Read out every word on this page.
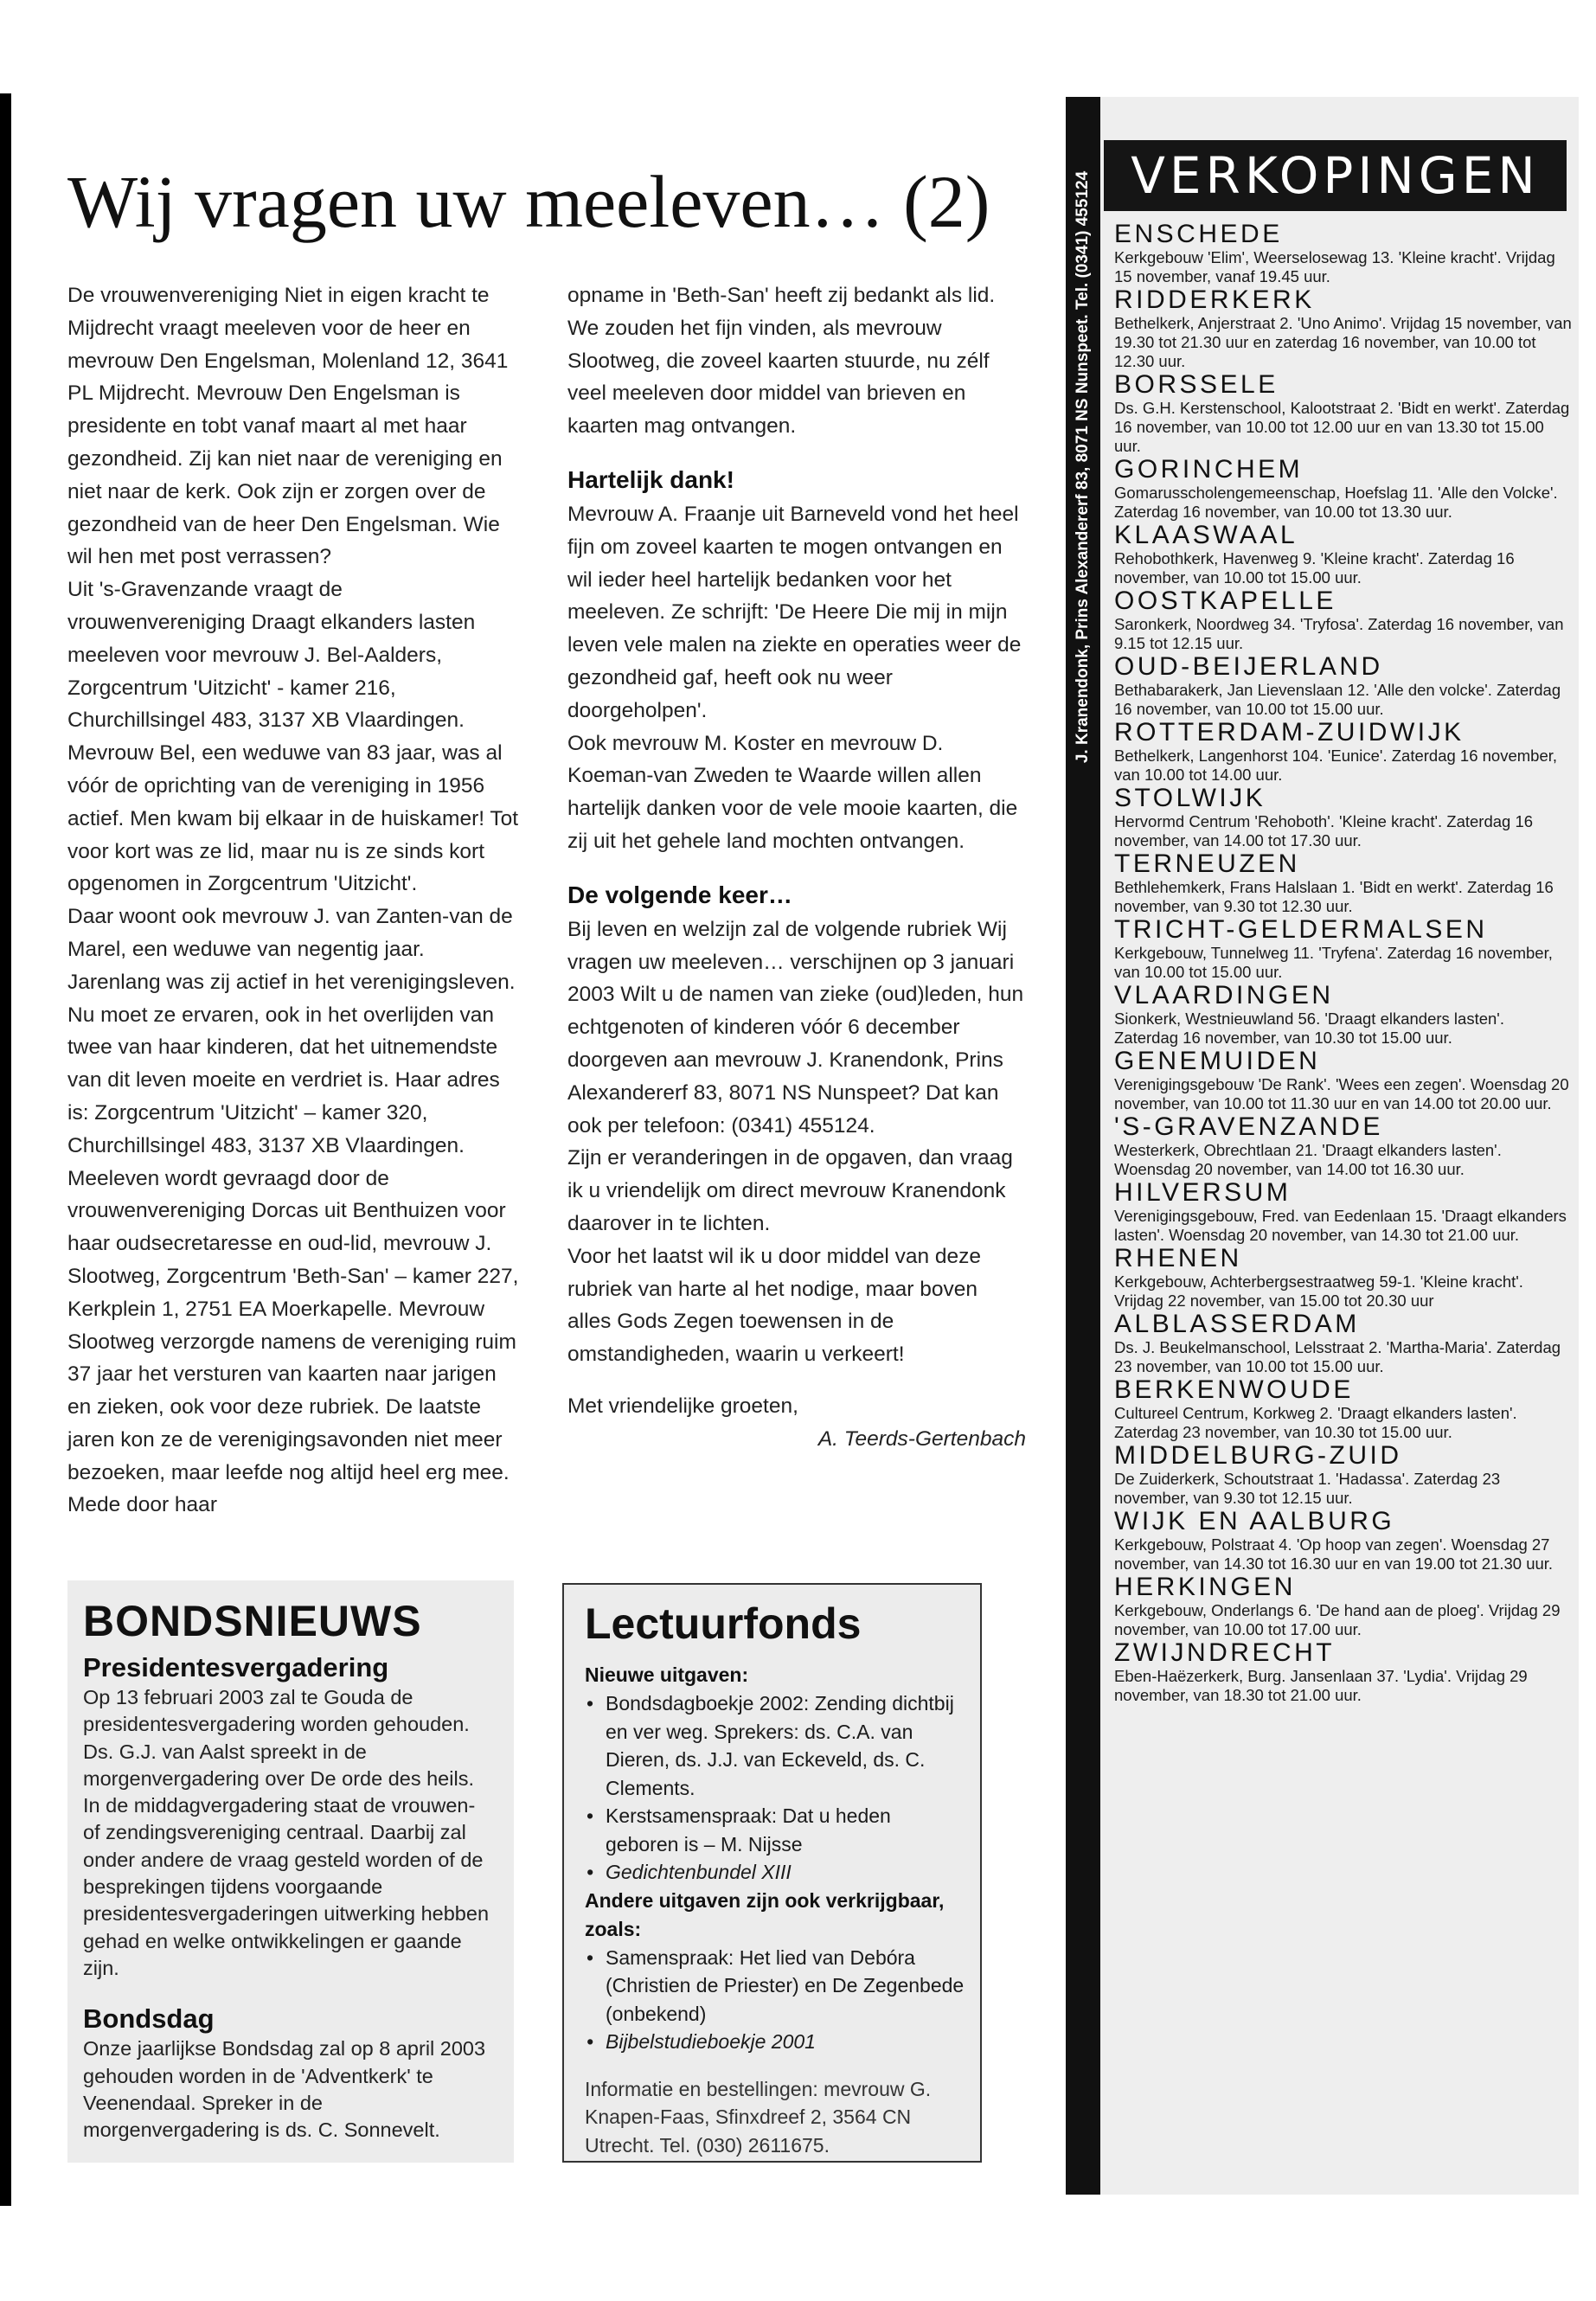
Wij vragen uw meeleven… (2)

De vrouwenvereniging Niet in eigen kracht te Mijdrecht vraagt meeleven voor de heer en mevrouw Den Engelsman, Molenland 12, 3641 PL Mijdrecht. Mevrouw Den Engelsman is presidente en tobt vanaf maart al met haar gezondheid. Zij kan niet naar de vereniging en niet naar de kerk. Ook zijn er zorgen over de gezondheid van de heer Den Engelsman. Wie wil hen met post verrassen?

Uit 's-Gravenzande vraagt de vrouwenvereniging Draagt elkanders lasten meeleven voor mevrouw J. Bel-Aalders, Zorgcentrum 'Uitzicht' - kamer 216, Churchillsingel 483, 3137 XB Vlaardingen. Mevrouw Bel, een weduwe van 83 jaar, was al vóór de oprichting van de vereniging in 1956 actief. Men kwam bij elkaar in de huiskamer! Tot voor kort was ze lid, maar nu is ze sinds kort opgenomen in Zorgcentrum 'Uitzicht'.

Daar woont ook mevrouw J. van Zanten-van de Marel, een weduwe van negentig jaar. Jarenlang was zij actief in het verenigingsleven. Nu moet ze ervaren, ook in het overlijden van twee van haar kinderen, dat het uitnemendste van dit leven moeite en verdriet is. Haar adres is: Zorgcentrum 'Uitzicht' – kamer 320, Churchillsingel 483, 3137 XB Vlaardingen.

Meeleven wordt gevraagd door de vrouwenvereniging Dorcas uit Benthuizen voor haar oudsecretaresse en oud-lid, mevrouw J. Slootweg, Zorgcentrum 'Beth-San' – kamer 227, Kerkplein 1, 2751 EA Moerkapelle. Mevrouw Slootweg verzorgde namens de vereniging ruim 37 jaar het versturen van kaarten naar jarigen en zieken, ook voor deze rubriek. De laatste jaren kon ze de verenigingsavonden niet meer bezoeken, maar leefde nog altijd heel erg mee. Mede door haar

opname in 'Beth-San' heeft zij bedankt als lid. We zouden het fijn vinden, als mevrouw Slootweg, die zoveel kaarten stuurde, nu zélf veel meeleven door middel van brieven en kaarten mag ontvangen.

Hartelijk dank!

Mevrouw A. Fraanje uit Barneveld vond het heel fijn om zoveel kaarten te mogen ontvangen en wil ieder heel hartelijk bedanken voor het meeleven. Ze schrijft: 'De Heere Die mij in mijn leven vele malen na ziekte en operaties weer de gezondheid gaf, heeft ook nu weer doorgeholpen'.

Ook mevrouw M. Koster en mevrouw D. Koeman-van Zweden te Waarde willen allen hartelijk danken voor de vele mooie kaarten, die zij uit het gehele land mochten ontvangen.

De volgende keer…

Bij leven en welzijn zal de volgende rubriek Wij vragen uw meeleven… verschijnen op 3 januari 2003 Wilt u de namen van zieke (oud)leden, hun echtgenoten of kinderen vóór 6 december doorgeven aan mevrouw J. Kranendonk, Prins Alexandererf 83, 8071 NS Nunspeet? Dat kan ook per telefoon: (0341) 455124.

Zijn er veranderingen in de opgaven, dan vraag ik u vriendelijk om direct mevrouw Kranendonk daarover in te lichten.

Voor het laatst wil ik u door middel van deze rubriek van harte al het nodige, maar boven alles Gods Zegen toewensen in de omstandigheden, waarin u verkeert!

Met vriendelijke groeten,

A. Teerds-Gertenbach

BONDSNIEUWS
Presidentesvergadering

Op 13 februari 2003 zal te Gouda de presidentesvergadering worden gehouden. Ds. G.J. van Aalst spreekt in de morgenvergadering over De orde des heils. In de middagvergadering staat de vrouwen- of zendingsvereniging centraal. Daarbij zal onder andere de vraag gesteld worden of de besprekingen tijdens voorgaande presidentesvergaderingen uitwerking hebben gehad en welke ontwikkelingen er gaande zijn.

Bondsdag

Onze jaarlijkse Bondsdag zal op 8 april 2003 gehouden worden in de 'Adventkerk' te Veenendaal. Spreker in de morgenvergadering is ds. C. Sonnevelt.

Lectuurfonds
Nieuwe uitgaven:
• Bondsdagboekje 2002: Zending dichtbij en ver weg. Sprekers: ds. C.A. van Dieren, ds. J.J. van Eckeveld, ds. C. Clements.
• Kerstsamenspraak: Dat u heden geboren is – M. Nijsse
• Gedichtenbundel XIII
Andere uitgaven zijn ook verkrijgbaar, zoals:
• Samenspraak: Het lied van Debóra (Christien de Priester) en De Zegenbede (onbekend)
• Bijbelstudieboekje 2001
Informatie en bestellingen: mevrouw G. Knapen-Faas, Sfinxdreef 2, 3564 CN Utrecht. Tel. (030) 2611675.
J. Kranendonk, Prins Alexandererf 83, 8071 NS Nunspeet. Tel. (0341) 455124 VERKOPINGEN
ENSCHEDE
Kerkgebouw 'Elim', Weerselosewag 13. 'Kleine kracht'. Vrijdag 15 november, vanaf 19.45 uur.
RIDDERKERK
Bethelkerk, Anjerstraat 2. 'Uno Animo'. Vrijdag 15 november, van 19.30 tot 21.30 uur en zaterdag 16 november, van 10.00 tot 12.30 uur.
BORSSELE
Ds. G.H. Kerstenschool, Kalootstraat 2. 'Bidt en werkt'. Zaterdag 16 november, van 10.00 tot 12.00 uur en van 13.30 tot 15.00 uur.
GORINCHEM
Gomarusscholengemeenschap, Hoefslag 11. 'Alle den Volcke'. Zaterdag 16 november, van 10.00 tot 13.30 uur.
KLAASWAAL
Rehobothkerk, Havenweg 9. 'Kleine kracht'. Zaterdag 16 november, van 10.00 tot 15.00 uur.
OOSTKAPELLE
Saronkerk, Noordweg 34. 'Tryfosa'. Zaterdag 16 november, van 9.15 tot 12.15 uur.
OUD-BEIJERLAND
Bethabarakerk, Jan Lievenslaan 12. 'Alle den volcke'. Zaterdag 16 november, van 10.00 tot 15.00 uur.
ROTTERDAM-ZUIDWIJK
Bethelkerk, Langenhorst 104. 'Eunice'. Zaterdag 16 november, van 10.00 tot 14.00 uur.
STOLWIJK
Hervormd Centrum 'Rehoboth'. 'Kleine kracht'. Zaterdag 16 november, van 14.00 tot 17.30 uur.
TERNEUZEN
Bethlehemkerk, Frans Halslaan 1. 'Bidt en werkt'. Zaterdag 16 november, van 9.30 tot 12.30 uur.
TRICHT-GELDERMALSEN
Kerkgebouw, Tunnelweg 11. 'Tryfena'. Zaterdag 16 november, van 10.00 tot 15.00 uur.
VLAARDINGEN
Sionkerk, Westnieuwland 56. 'Draagt elkanders lasten'. Zaterdag 16 november, van 10.30 tot 15.00 uur.
GENEMUIDEN
Verenigingsgebouw 'De Rank'. 'Wees een zegen'. Woensdag 20 november, van 10.00 tot 11.30 uur en van 14.00 tot 20.00 uur.
'S-GRAVENZANDE
Westerkerk, Obrechtlaan 21. 'Draagt elkanders lasten'. Woensdag 20 november, van 14.00 tot 16.30 uur.
HILVERSUM
Verenigingsgebouw, Fred. van Eedenlaan 15. 'Draagt elkanders lasten'. Woensdag 20 november, van 14.30 tot 21.00 uur.
RHENEN
Kerkgebouw, Achterbergsestraatweg 59-1. 'Kleine kracht'. Vrijdag 22 november, van 15.00 tot 20.30 uur
ALBLASSERDAM
Ds. J. Beukelmanschool, Lelsstraat 2. 'Martha-Maria'. Zaterdag 23 november, van 10.00 tot 15.00 uur.
BERKENWOUDE
Cultureel Centrum, Korkweg 2. 'Draagt elkanders lasten'. Zaterdag 23 november, van 10.30 tot 15.00 uur.
MIDDELBURG-ZUID
De Zuiderkerk, Schoutstraat 1. 'Hadassa'. Zaterdag 23 november, van 9.30 tot 12.15 uur.
WIJK EN AALBURG
Kerkgebouw, Polstraat 4. 'Op hoop van zegen'. Woensdag 27 november, van 14.30 tot 16.30 uur en van 19.00 tot 21.30 uur.
HERKINGEN
Kerkgebouw, Onderlangs 6. 'De hand aan de ploeg'. Vrijdag 29 november, van 10.00 tot 17.00 uur.
ZWIJNDRECHT
Eben-Haëzerkerk, Burg. Jansenlaan 37. 'Lydia'. Vrijdag 29 november, van 18.30 tot 21.00 uur.
